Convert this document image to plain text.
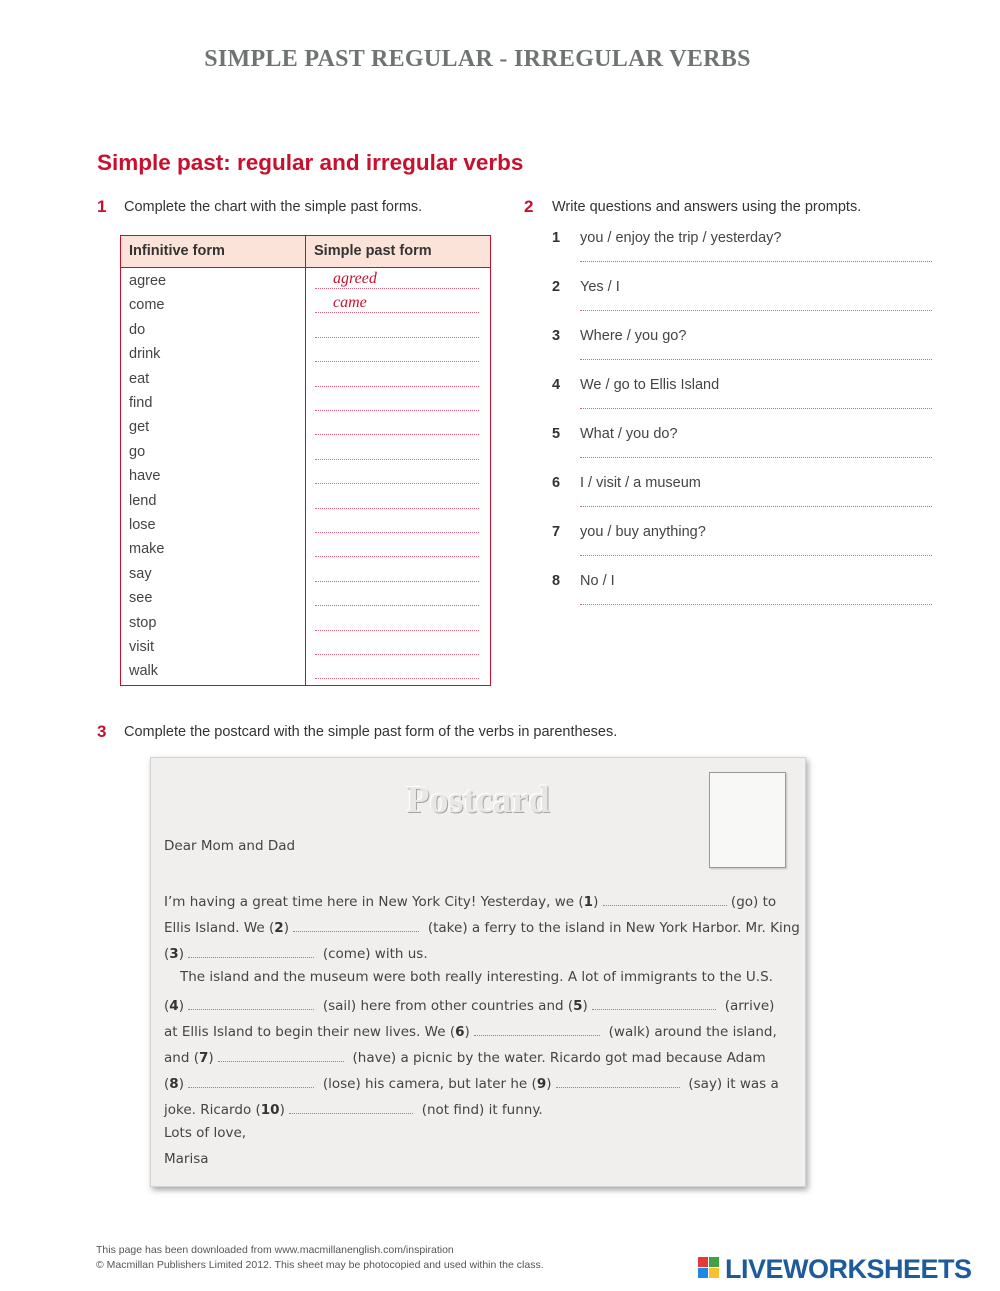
SIMPLE PAST REGULAR - IRREGULAR VERBS
Simple past: regular and irregular verbs
1 Complete the chart with the simple past forms.
Infinitive form	Simple past form
agree	agreed
come	came
do
drink
eat
find
get
go
have
lend
lose
make
say
see
stop
visit
walk
2 Write questions and answers using the prompts.
1 you / enjoy the trip / yesterday?
2 Yes / I
3 Where / you go?
4 We / go to Ellis Island
5 What / you do?
6 I / visit / a museum
7 you / buy anything?
8 No / I
3 Complete the postcard with the simple past form of the verbs in parentheses.
Postcard
Dear Mom and Dad
I’m having a great time here in New York City! Yesterday, we (1)	(go) to
Ellis Island. We (2)	(take) a ferry to the island in New York Harbor. Mr. King
(3)	(come) with us.
The island and the museum were both really interesting. A lot of immigrants to the U.S.
(4)	(sail) here from other countries and (5)	(arrive)
at Ellis Island to begin their new lives. We (6)	(walk) around the island,
and (7)	(have) a picnic by the water. Ricardo got mad because Adam
(8)	(lose) his camera, but later he (9)	(say) it was a
joke. Ricardo (10)	(not find) it funny.
Lots of love,
Marisa
This page has been downloaded from www.macmillanenglish.com/inspiration
© Macmillan Publishers Limited 2012. This sheet may be photocopied and used within the class.	LIVEWORKSHEETS
